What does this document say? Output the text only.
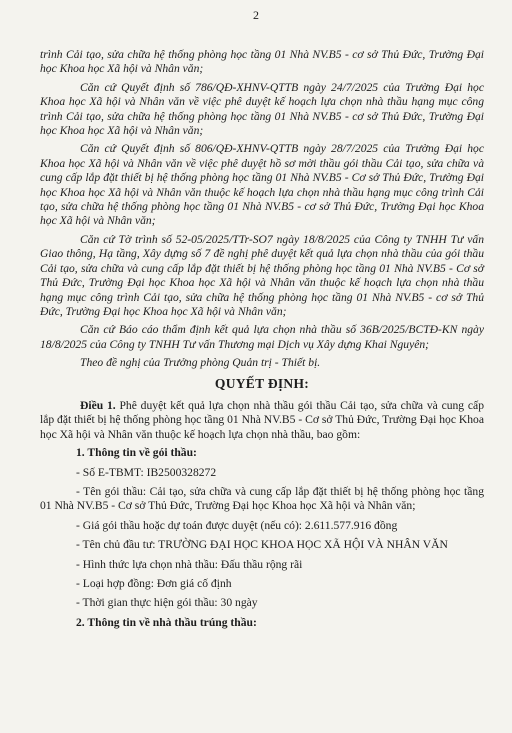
2

trình Cải tạo, sửa chữa hệ thống phòng học tầng 01 Nhà NV.B5 - cơ sở Thủ Đức, Trường Đại học Khoa học Xã hội và Nhân văn;

Căn cứ Quyết định số 786/QĐ-XHNV-QTTB ngày 24/7/2025 của Trường Đại học Khoa học Xã hội và Nhân văn về việc phê duyệt kế hoạch lựa chọn nhà thầu hạng mục công trình Cải tạo, sửa chữa hệ thống phòng học tầng 01 Nhà NV.B5 - cơ sở Thủ Đức, Trường Đại học Khoa học Xã hội và Nhân văn;

Căn cứ Quyết định số 806/QĐ-XHNV-QTTB ngày 28/7/2025 của Trường Đại học Khoa học Xã hội và Nhân văn về việc phê duyệt hồ sơ mời thầu gói thầu Cải tạo, sửa chữa và cung cấp lắp đặt thiết bị hệ thống phòng học tầng 01 Nhà NV.B5 - Cơ sở Thủ Đức, Trường Đại học Khoa học Xã hội và Nhân văn thuộc kế hoạch lựa chọn nhà thầu hạng mục công trình Cải tạo, sửa chữa hệ thống phòng học tầng 01 Nhà NV.B5 - cơ sở Thủ Đức, Trường Đại học Khoa học Xã hội và Nhân văn;

Căn cứ Tờ trình số 52-05/2025/TTr-SO7 ngày 18/8/2025 của Công ty TNHH Tư vấn Giao thông, Hạ tầng, Xây dựng số 7 đề nghị phê duyệt kết quả lựa chọn nhà thầu của gói thầu Cải tạo, sửa chữa và cung cấp lắp đặt thiết bị hệ thống phòng học tầng 01 Nhà NV.B5 - Cơ sở Thủ Đức, Trường Đại học Khoa học Xã hội và Nhân văn thuộc kế hoạch lựa chọn nhà thầu hạng mục công trình Cải tạo, sửa chữa hệ thống phòng học tầng 01 Nhà NV.B5 - cơ sở Thủ Đức, Trường Đại học Khoa học Xã hội và Nhân văn;

Căn cứ Báo cáo thẩm định kết quả lựa chọn nhà thầu số 36B/2025/BCTĐ-KN ngày 18/8/2025 của Công ty TNHH Tư vấn Thương mại Dịch vụ Xây dựng Khai Nguyên;

Theo đề nghị của Trưởng phòng Quản trị - Thiết bị.

QUYẾT ĐỊNH:

Điều 1. Phê duyệt kết quả lựa chọn nhà thầu gói thầu Cải tạo, sửa chữa và cung cấp lắp đặt thiết bị hệ thống phòng học tầng 01 Nhà NV.B5 - Cơ sở Thủ Đức, Trường Đại học Khoa học Xã hội và Nhân văn thuộc kế hoạch lựa chọn nhà thầu, bao gồm:

1. Thông tin về gói thầu:

- Số E-TBMT: IB2500328272

- Tên gói thầu: Cải tạo, sửa chữa và cung cấp lắp đặt thiết bị hệ thống phòng học tầng 01 Nhà NV.B5 - Cơ sở Thủ Đức, Trường Đại học Khoa học Xã hội và Nhân văn;

- Giá gói thầu hoặc dự toán được duyệt (nếu có): 2.611.577.916 đồng

- Tên chủ đầu tư: TRƯỜNG ĐẠI HỌC KHOA HỌC XÃ HỘI VÀ NHÂN VĂN

- Hình thức lựa chọn nhà thầu: Đấu thầu rộng rãi

- Loại hợp đồng: Đơn giá cố định

- Thời gian thực hiện gói thầu: 30 ngày

2. Thông tin về nhà thầu trúng thầu:
